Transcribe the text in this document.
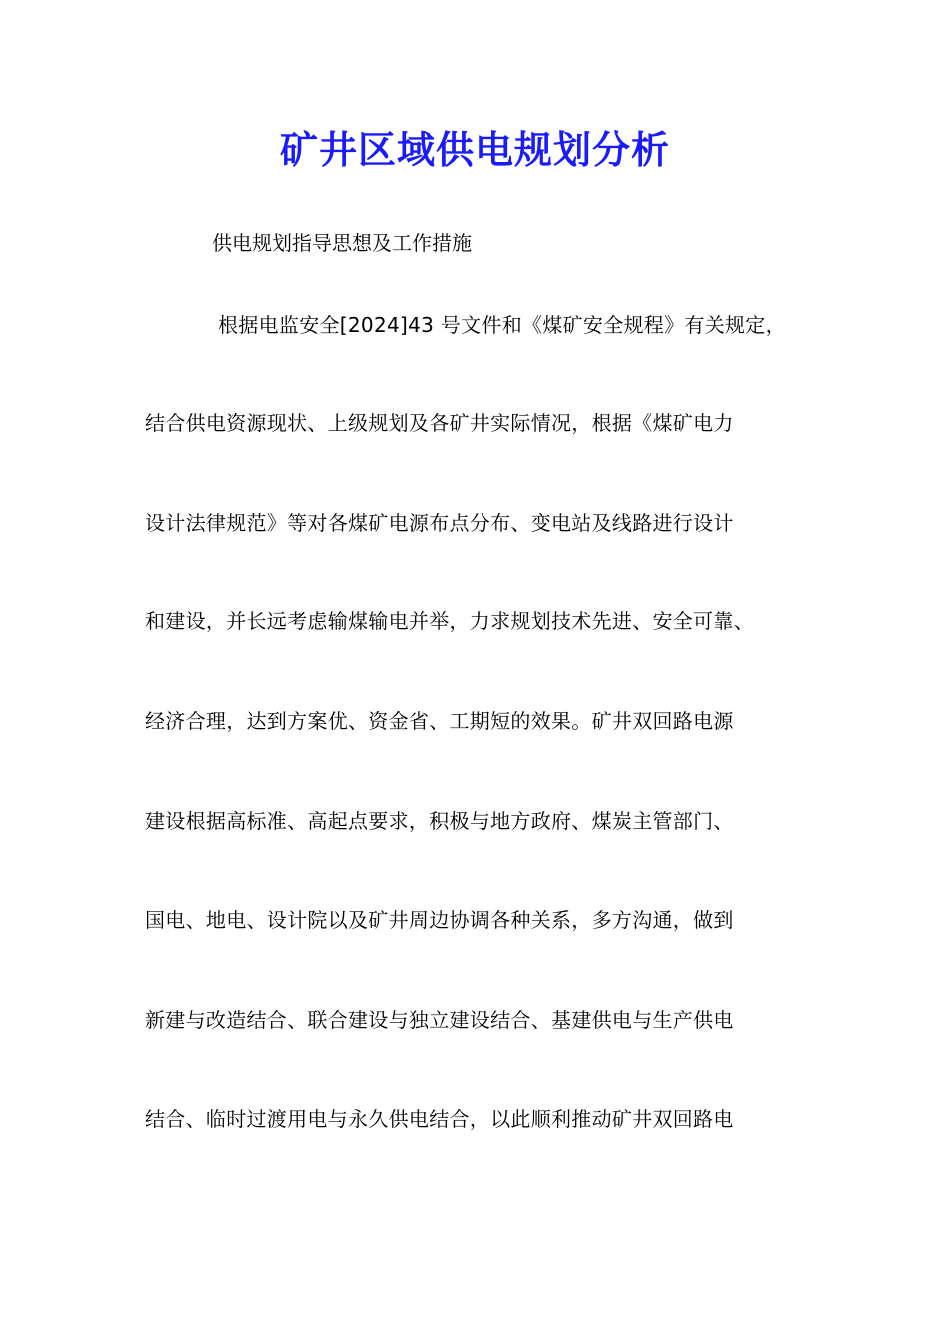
矿井区域供电规划分析
供电规划指导思想及工作措施
根据电监安全[2024]43 号文件和《煤矿安全规程》有关规定，
结合供电资源现状、上级规划及各矿井实际情况，根据《煤矿电力
设计法律规范》等对各煤矿电源布点分布、变电站及线路进行设计
和建设，并长远考虑输煤输电并举，力求规划技术先进、安全可靠、
经济合理，达到方案优、资金省、工期短的效果。矿井双回路电源
建设根据高标准、高起点要求，积极与地方政府、煤炭主管部门、
国电、地电、设计院以及矿井周边协调各种关系，多方沟通，做到
新建与改造结合、联合建设与独立建设结合、基建供电与生产供电
结合、临时过渡用电与永久供电结合，以此顺利推动矿井双回路电
